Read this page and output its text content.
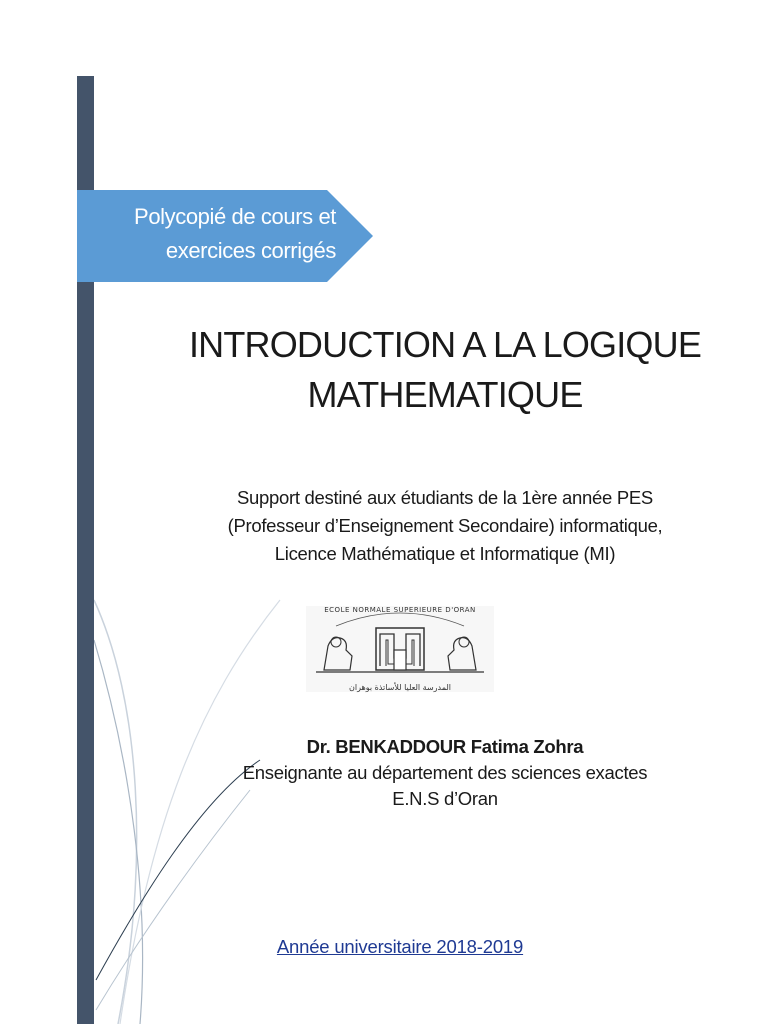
Polycopié de cours et
exercices corrigés
INTRODUCTION A LA LOGIQUE
MATHEMATIQUE
Support destiné aux étudiants de la 1ère année PES
(Professeur d’Enseignement Secondaire) informatique,
Licence Mathématique et Informatique (MI)
ECOLE NORMALE SUPERIEURE D'ORAN
المدرسة العليا للأساتذة بوهران
Dr. BENKADDOUR Fatima Zohra
Enseignante au département des sciences exactes
E.N.S d’Oran
Année universitaire 2018-2019
